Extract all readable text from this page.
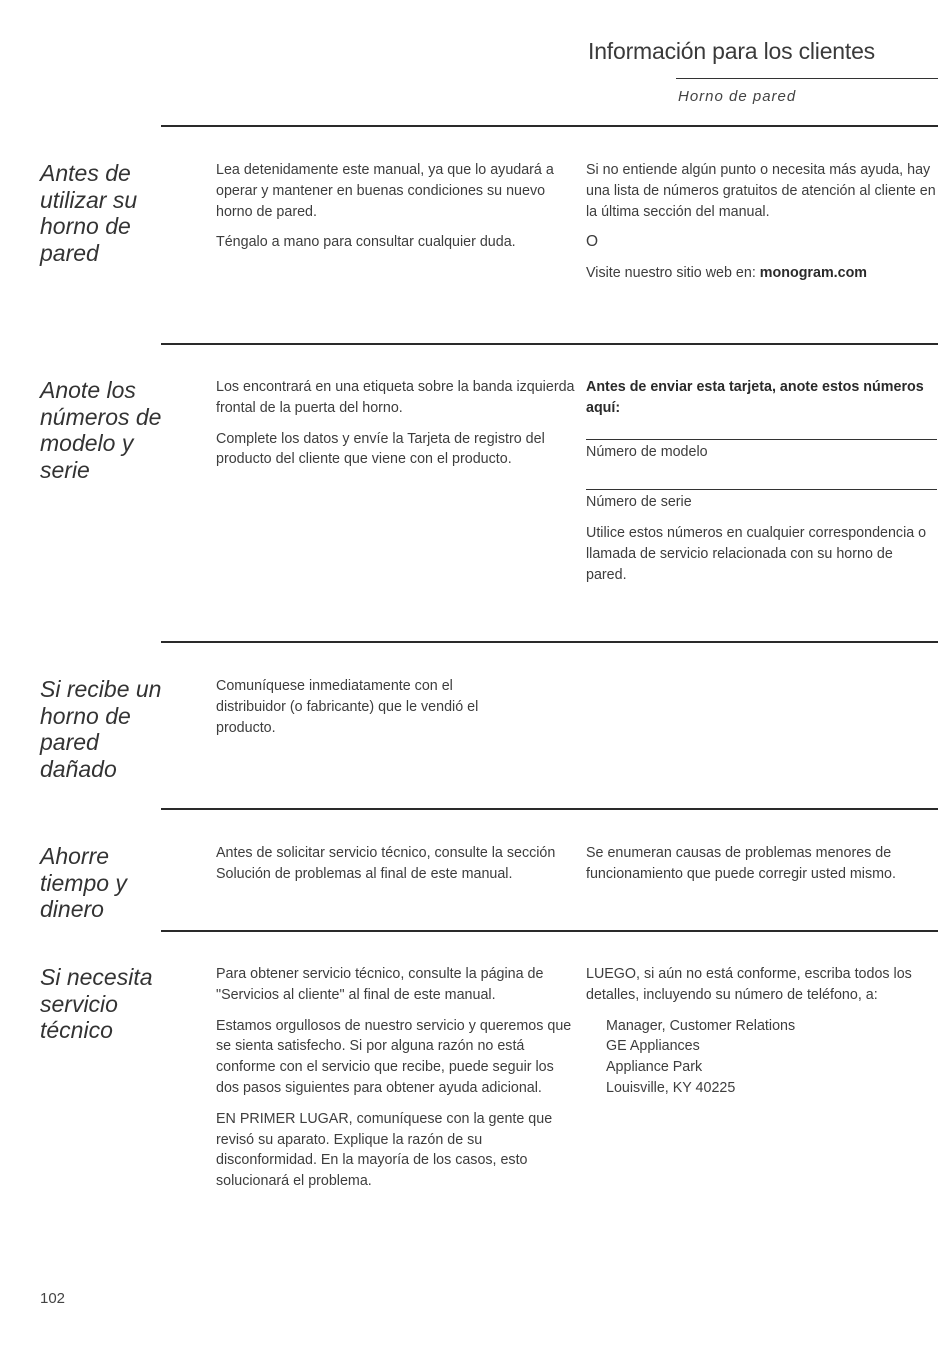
Información para los clientes
Horno de pared
Antes de utilizar su horno de pared

Lea detenidamente este manual, ya que lo ayudará a operar y mantener en buenas condiciones su nuevo horno de pared.

Téngalo a mano para consultar cualquier duda.

Si no entiende algún punto o necesita más ayuda, hay una lista de números gratuitos de atención al cliente en la última sección del manual.

O

Visite nuestro sitio web en: monogram.com

Anote los números de modelo y serie

Los encontrará en una etiqueta sobre la banda izquierda frontal de la puerta del horno.

Complete los datos y envíe la Tarjeta de registro del producto del cliente que viene con el producto.

Antes de enviar esta tarjeta, anote estos números aquí:

Número de modelo

Número de serie

Utilice estos números en cualquier correspondencia o llamada de servicio relacionada con su horno de pared.

Si recibe un horno de pared dañado

Comuníquese inmediatamente con el distribuidor (o fabricante) que le vendió el producto.

Ahorre tiempo y dinero

Antes de solicitar servicio técnico, consulte la sección Solución de problemas al final de este manual.

Se enumeran causas de problemas menores de funcionamiento que puede corregir usted mismo.

Si necesita servicio técnico

Para obtener servicio técnico, consulte la página de "Servicios al cliente" al final de este manual.

Estamos orgullosos de nuestro servicio y queremos que se sienta satisfecho. Si por alguna razón no está conforme con el servicio que recibe, puede seguir los dos pasos siguientes para obtener ayuda adicional.

EN PRIMER LUGAR, comuníquese con la gente que revisó su aparato. Explique la razón de su disconformidad. En la mayoría de los casos, esto solucionará el problema.

LUEGO, si aún no está conforme, escriba todos los detalles, incluyendo su número de teléfono, a:

Manager, Customer Relations
GE Appliances
Appliance Park
Louisville, KY 40225
102
